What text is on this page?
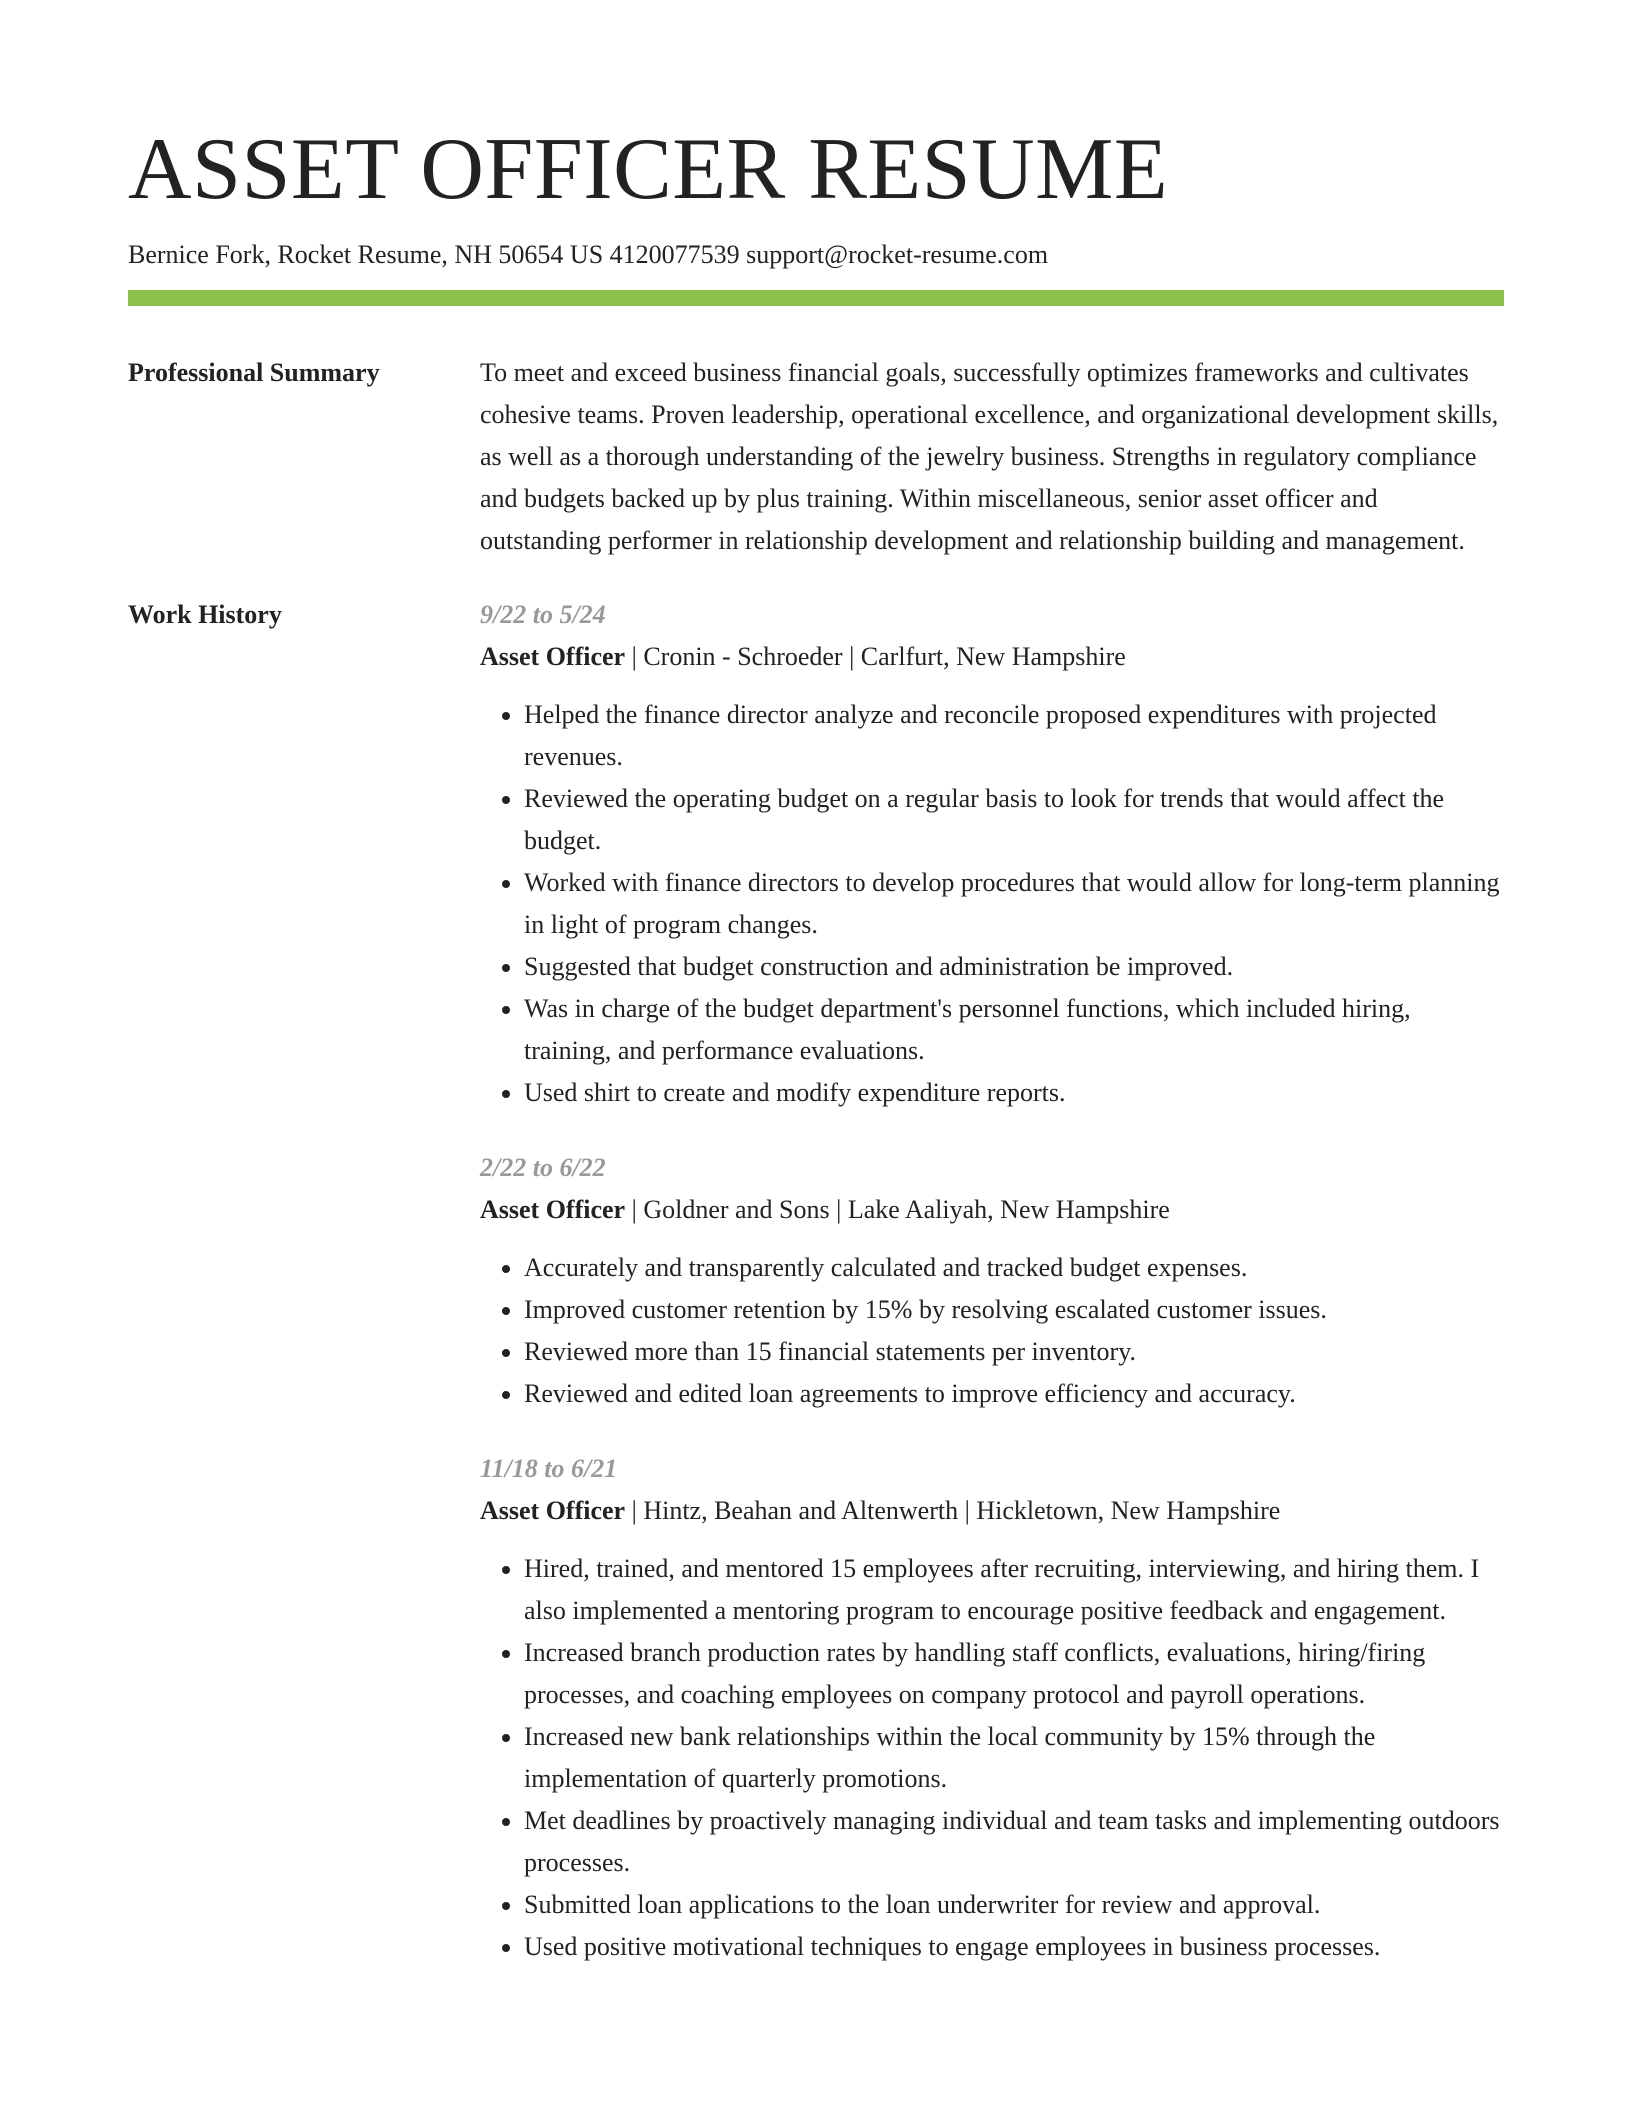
ASSET OFFICER RESUME
Bernice Fork, Rocket Resume, NH 50654 US 4120077539 support@rocket-resume.com
Professional Summary	To meet and exceed business financial goals, successfully optimizes frameworks and cultivates cohesive teams. Proven leadership, operational excellence, and organizational development skills, as well as a thorough understanding of the jewelry business. Strengths in regulatory compliance and budgets backed up by plus training. Within miscellaneous, senior asset officer and outstanding performer in relationship development and relationship building and management.

Work History	9/22 to 5/24
Asset Officer | Cronin - Schroeder | Carlfurt, New Hampshire
• Helped the finance director analyze and reconcile proposed expenditures with projected revenues.
• Reviewed the operating budget on a regular basis to look for trends that would affect the budget.
• Worked with finance directors to develop procedures that would allow for long-term planning in light of program changes.
• Suggested that budget construction and administration be improved.
• Was in charge of the budget department's personnel functions, which included hiring, training, and performance evaluations.
• Used shirt to create and modify expenditure reports.
2/22 to 6/22
Asset Officer | Goldner and Sons | Lake Aaliyah, New Hampshire
• Accurately and transparently calculated and tracked budget expenses.
• Improved customer retention by 15% by resolving escalated customer issues.
• Reviewed more than 15 financial statements per inventory.
• Reviewed and edited loan agreements to improve efficiency and accuracy.
11/18 to 6/21
Asset Officer | Hintz, Beahan and Altenwerth | Hickletown, New Hampshire
• Hired, trained, and mentored 15 employees after recruiting, interviewing, and hiring them. I also implemented a mentoring program to encourage positive feedback and engagement.
• Increased branch production rates by handling staff conflicts, evaluations, hiring/firing processes, and coaching employees on company protocol and payroll operations.
• Increased new bank relationships within the local community by 15% through the implementation of quarterly promotions.
• Met deadlines by proactively managing individual and team tasks and implementing outdoors processes.
• Submitted loan applications to the loan underwriter for review and approval.
• Used positive motivational techniques to engage employees in business processes.
